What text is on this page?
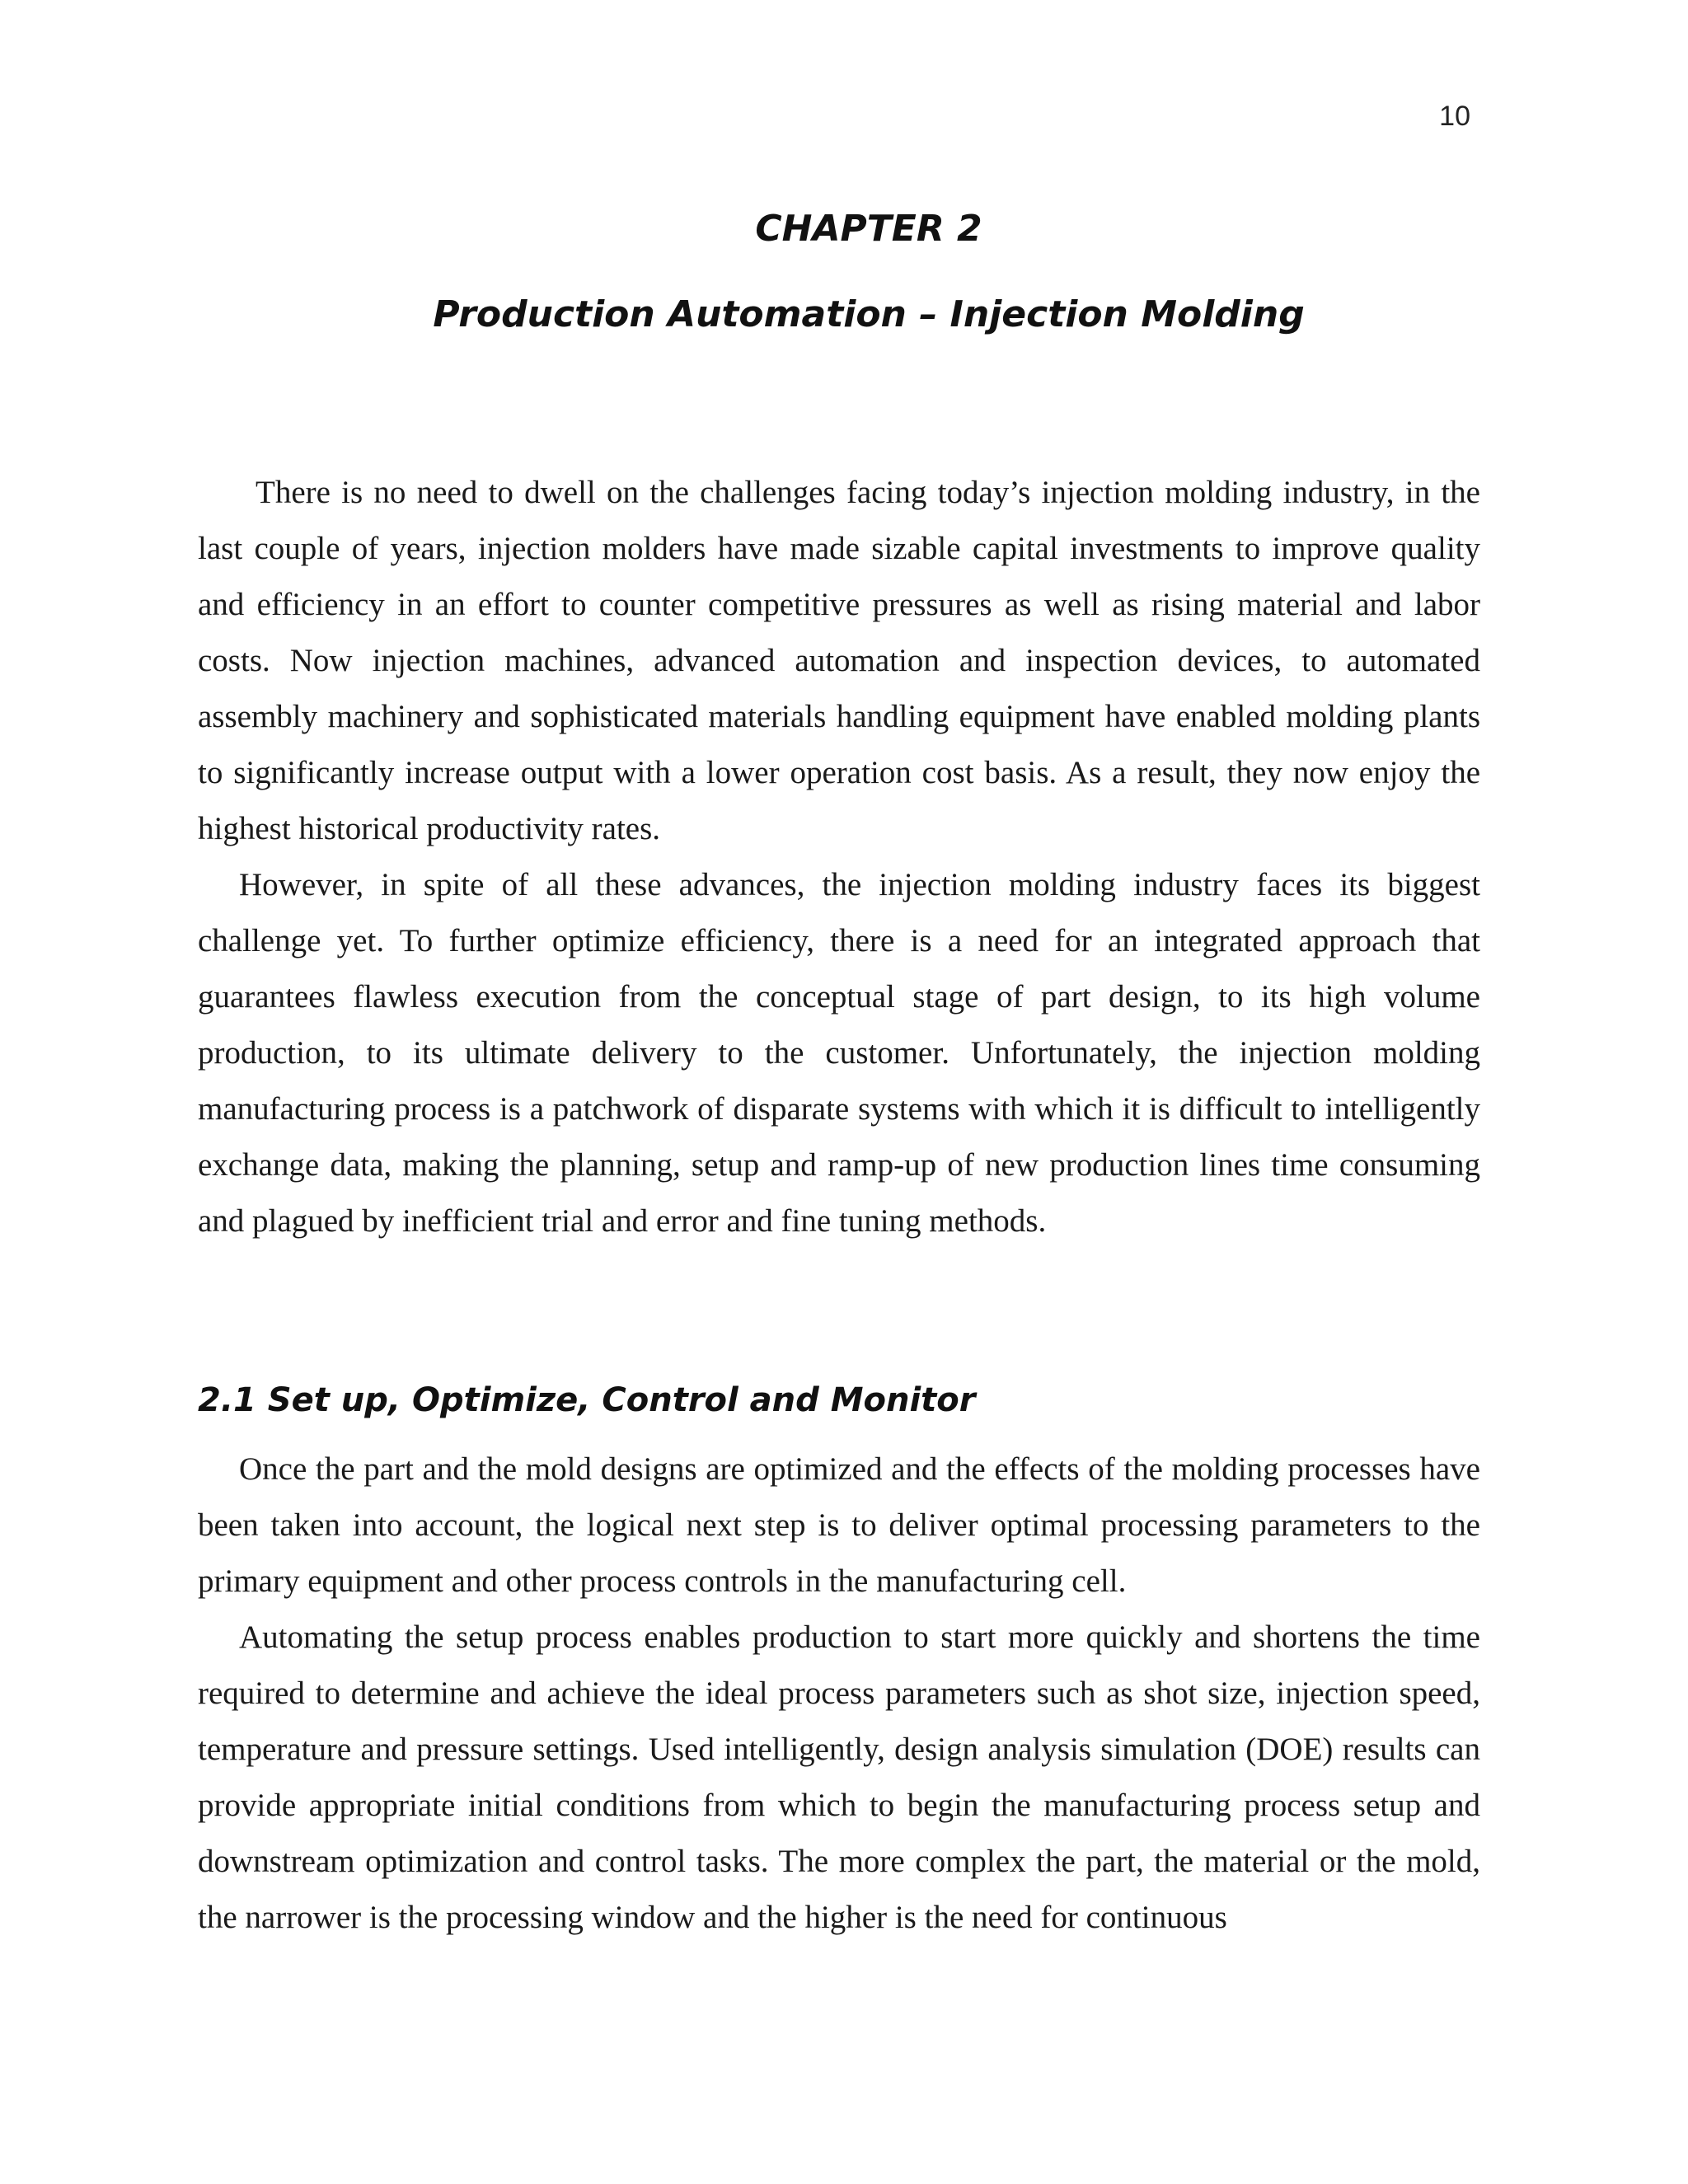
10
CHAPTER 2
Production Automation – Injection Molding

There is no need to dwell on the challenges facing today’s injection molding industry, in the last couple of years, injection molders have made sizable capital investments to improve quality and efficiency in an effort to counter competitive pressures as well as rising material and labor costs. Now injection machines, advanced automation and inspection devices, to automated assembly machinery and sophisticated materials handling equipment have enabled molding plants to significantly increase output with a lower operation cost basis. As a result, they now enjoy the highest historical productivity rates.

However, in spite of all these advances, the injection molding industry faces its biggest challenge yet. To further optimize efficiency, there is a need for an integrated approach that guarantees flawless execution from the conceptual stage of part design, to its high volume production, to its ultimate delivery to the customer. Unfortunately, the injection molding manufacturing process is a patchwork of disparate systems with which it is difficult to intelligently exchange data, making the planning, setup and ramp-up of new production lines time consuming and plagued by inefficient trial and error and fine tuning methods.

2.1 Set up, Optimize, Control and Monitor

Once the part and the mold designs are optimized and the effects of the molding processes have been taken into account, the logical next step is to deliver optimal processing parameters to the primary equipment and other process controls in the manufacturing cell.

Automating the setup process enables production to start more quickly and shortens the time required to determine and achieve the ideal process parameters such as shot size, injection speed, temperature and pressure settings. Used intelligently, design analysis simulation (DOE) results can provide appropriate initial conditions from which to begin the manufacturing process setup and downstream optimization and control tasks. The more complex the part, the material or the mold, the narrower is the processing window and the higher is the need for continuous
